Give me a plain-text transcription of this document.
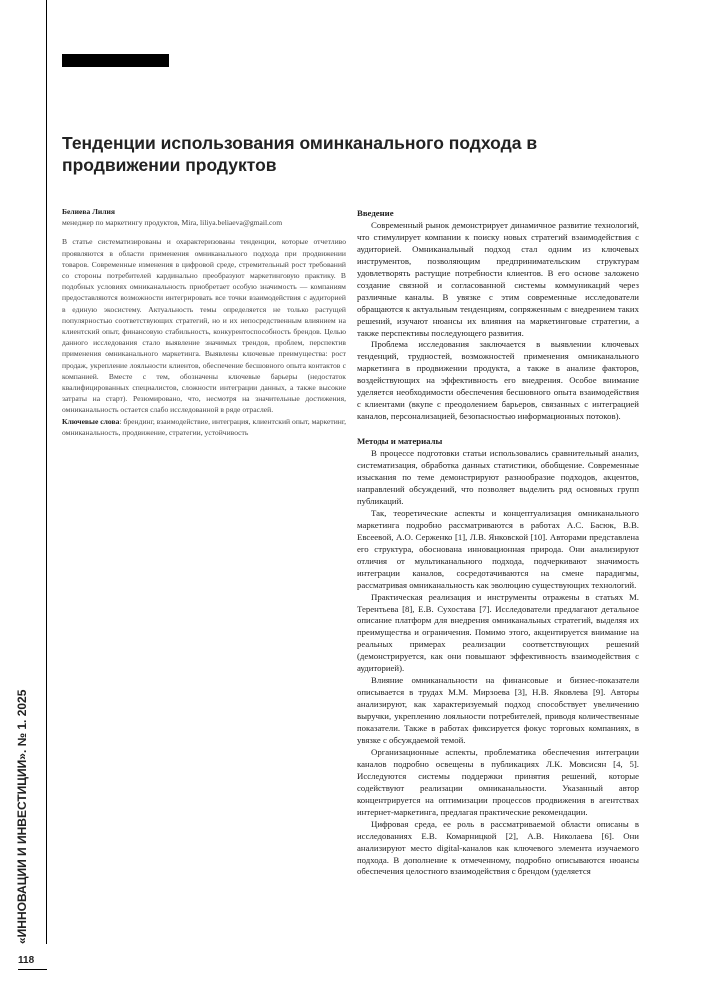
Тенденции использования оминканального подхода в продвижении продуктов
«ИННОВАЦИИ И ИНВЕСТИЦИИ». № 1. 2025
118

Белиева Лилия

менеджер по маркетингу продуктов, Mira, liliya.beliaeva@gmail.com

В статье систематизированы и охарактеризованы тенденции, которые отчетливо проявляются в области применения омниканального подхода при продвижении товаров. Современные изменения в цифровой среде, стремительный рост требований со стороны потребителей кардинально преобразуют маркетинговую практику. В подобных условиях омниканальность приобретает особую значимость — компаниям предоставляются возможности интегрировать все точки взаимодействия с аудиторией в единую экосистему. Актуальность темы определяется не только растущей популярностью соответствующих стратегий, но и их непосредственным влиянием на клиентский опыт, финансовую стабильность, конкурентоспособность брендов. Целью данного исследования стало выявление значимых трендов, проблем, перспектив применения омниканального маркетинга. Выявлены ключевые преимущества: рост продаж, укрепление лояльности клиентов, обеспечение бесшовного опыта контактов с компанией. Вместе с тем, обозначены ключевые барьеры (недостаток квалифицированных специалистов, сложности интеграции данных, а также высокие затраты на старт). Резюмировано, что, несмотря на значительные достижения, омниканальность остается слабо исследованной в ряде отраслей.

Ключевые слова: брендинг, взаимодействие, интеграция, клиентский опыт, маркетинг, омниканальность, продвижение, стратегии, устойчивость

Введение

Современный рынок демонстрирует динамичное развитие технологий, что стимулирует компании к поиску новых стратегий взаимодействия с аудиторией. Омниканальный подход стал одним из ключевых инструментов, позволяющим предпринимательским структурам удовлетворять растущие потребности клиентов. В его основе заложено создание связной и согласованной системы коммуникаций через различные каналы. В увязке с этим современные исследователи обращаются к актуальным тенденциям, сопряженным с внедрением таких решений, изучают нюансы их влияния на маркетинговые стратегии, а также перспективы последующего развития.

Проблема исследования заключается в выявлении ключевых тенденций, трудностей, возможностей применения омниканального маркетинга в продвижении продукта, а также в анализе факторов, воздействующих на эффективность его внедрения. Особое внимание уделяется необходимости обеспечения бесшовного опыта взаимодействия с клиентами (вкупе с преодолением барьеров, связанных с интеграцией каналов, персонализацией, безопасностью информационных потоков).

Методы и материалы

В процессе подготовки статьи использовались сравнительный анализ, систематизация, обработка данных статистики, обобщение. Современные изыскания по теме демонстрируют разнообразие подходов, акцентов, направлений обсуждений, что позволяет выделить ряд основных групп публикаций.

Так, теоретические аспекты и концептуализация омниканального маркетинга подробно рассматриваются в работах А.С. Басюк, В.В. Евсеевой, А.О. Серженко [1], Л.В. Янковской [10]. Авторами представлена его структура, обоснована инновационная природа. Они анализируют отличия от мультиканального подхода, подчеркивают значимость интеграции каналов, сосредотачиваются на смене парадигмы, рассматривая омниканальность как эволюцию существующих технологий.

Практическая реализация и инструменты отражены в статьях М. Терентьева [8], Е.В. Сухостава [7]. Исследователи предлагают детальное описание платформ для внедрения омниканальных стратегий, выделяя их преимущества и ограничения. Помимо этого, акцентируется внимание на реальных примерах реализации соответствующих решений (демонстрируется, как они повышают эффективность взаимодействия с аудиторией).

Влияние омниканальности на финансовые и бизнес-показатели описывается в трудах М.М. Мирзоева [3], Н.В. Яковлева [9]. Авторы анализируют, как характеризуемый подход способствует увеличению выручки, укреплению лояльности потребителей, приводя количественные показатели. Также в работах фиксируется фокус торговых компаниях, в увязке с обсуждаемой темой.

Организационные аспекты, проблематика обеспечения интеграции каналов подробно освещены в публикациях Л.К. Мовсисян [4, 5]. Исследуются системы поддержки принятия решений, которые содействуют реализации омниканальности. Указанный автор концентрируется на оптимизации процессов продвижения в агентствах интернет-маркетинга, предлагая практические рекомендации.

Цифровая среда, ее роль в рассматриваемой области описаны в исследованиях Е.В. Комарницкой [2], А.В. Николаева [6]. Они анализируют место digital-каналов как ключевого элемента изучаемого подхода. В дополнение к отмеченному, подробно описываются нюансы обеспечения целостного взаимодействия с брендом (уделяется
